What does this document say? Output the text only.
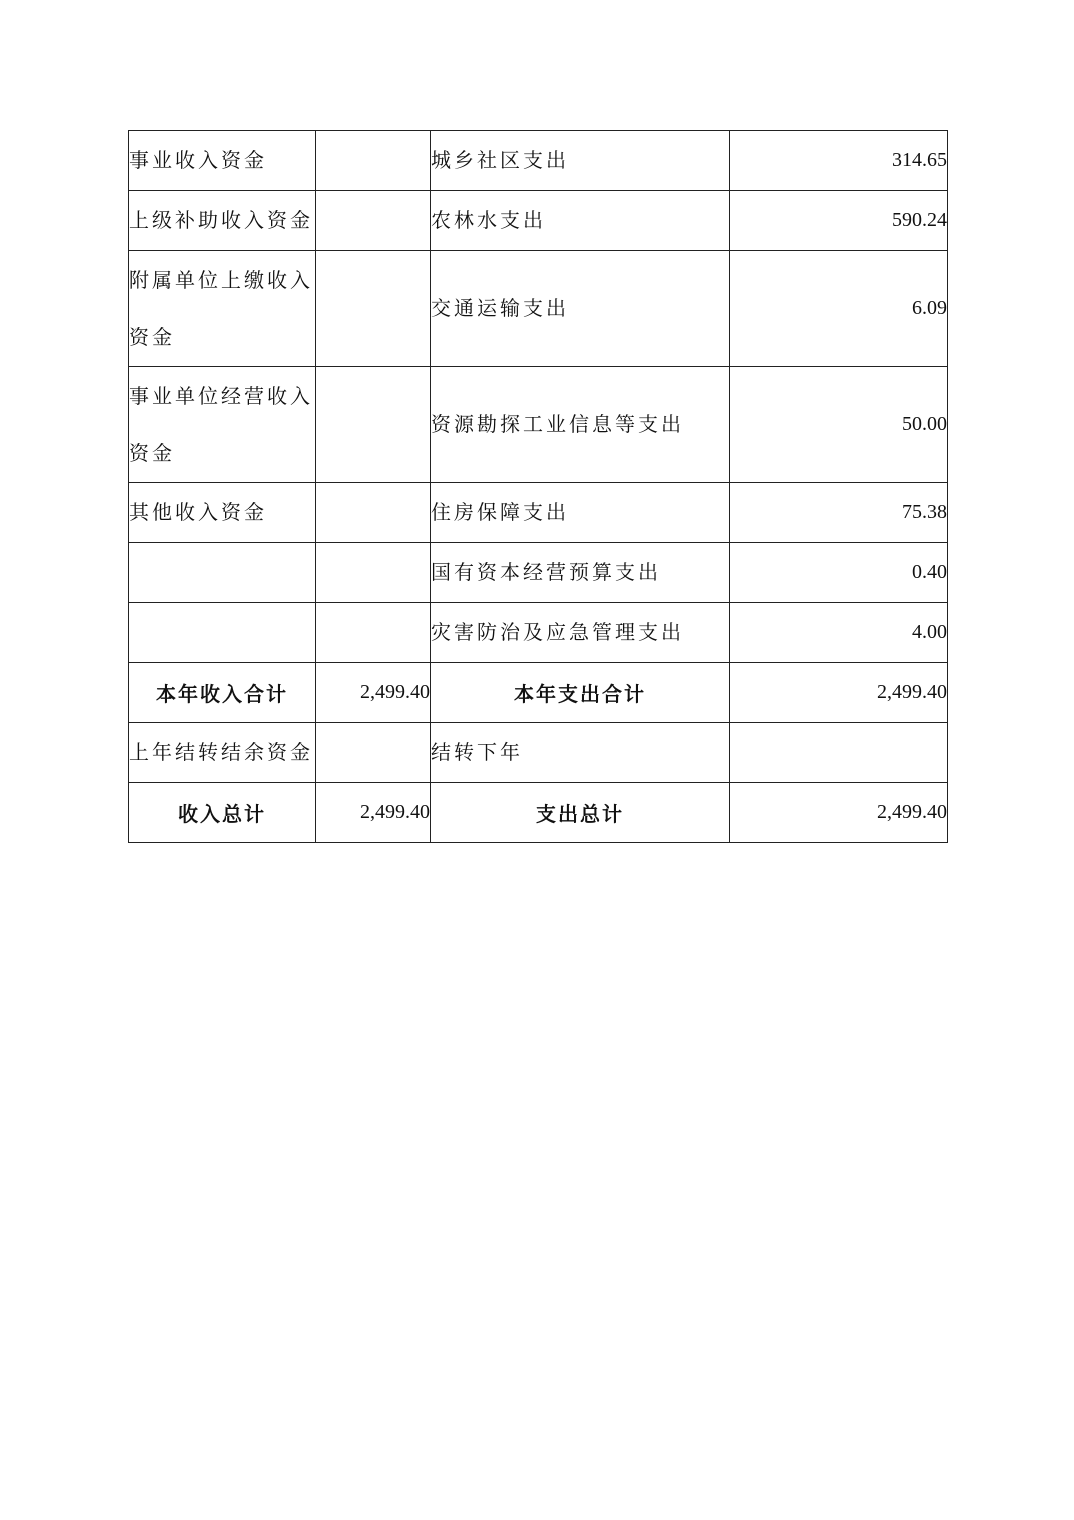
事业收入资金		城乡社区支出	314.65
上级补助收入资金		农林水支出	590.24
附属单位上缴收入资金		交通运输支出	6.09
事业单位经营收入资金		资源勘探工业信息等支出	50.00
其他收入资金		住房保障支出	75.38
		国有资本经营预算支出	0.40
		灾害防治及应急管理支出	4.00
本年收入合计	2,499.40	本年支出合计	2,499.40
上年结转结余资金		结转下年	
收入总计	2,499.40	支出总计	2,499.40
